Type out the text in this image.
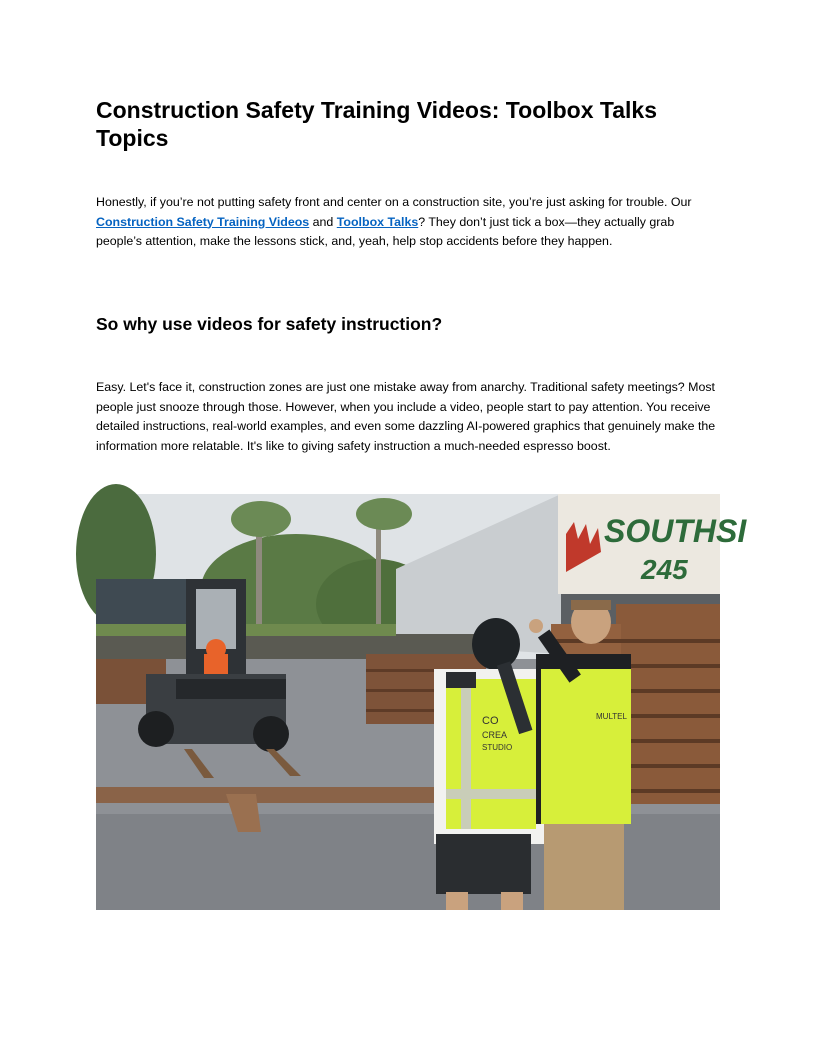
Construction Safety Training Videos: Toolbox Talks Topics

Honestly, if you’re not putting safety front and center on a construction site, you’re just asking for trouble. Our Construction Safety Training Videos and Toolbox Talks? They don’t just tick a box—they actually grab people’s attention, make the lessons stick, and, yeah, help stop accidents before they happen.

So why use videos for safety instruction?

Easy. Let's face it, construction zones are just one mistake away from anarchy. Traditional safety meetings? Most people just snooze through those. However, when you include a video, people start to pay attention. You receive detailed instructions, real-world examples, and even some dazzling AI-powered graphics that genuinely make the information more relatable. It's like to giving safety instruction a much-needed espresso boost.

SOUTHSI
245
CO
CREA
STUDIO
MULTEL
